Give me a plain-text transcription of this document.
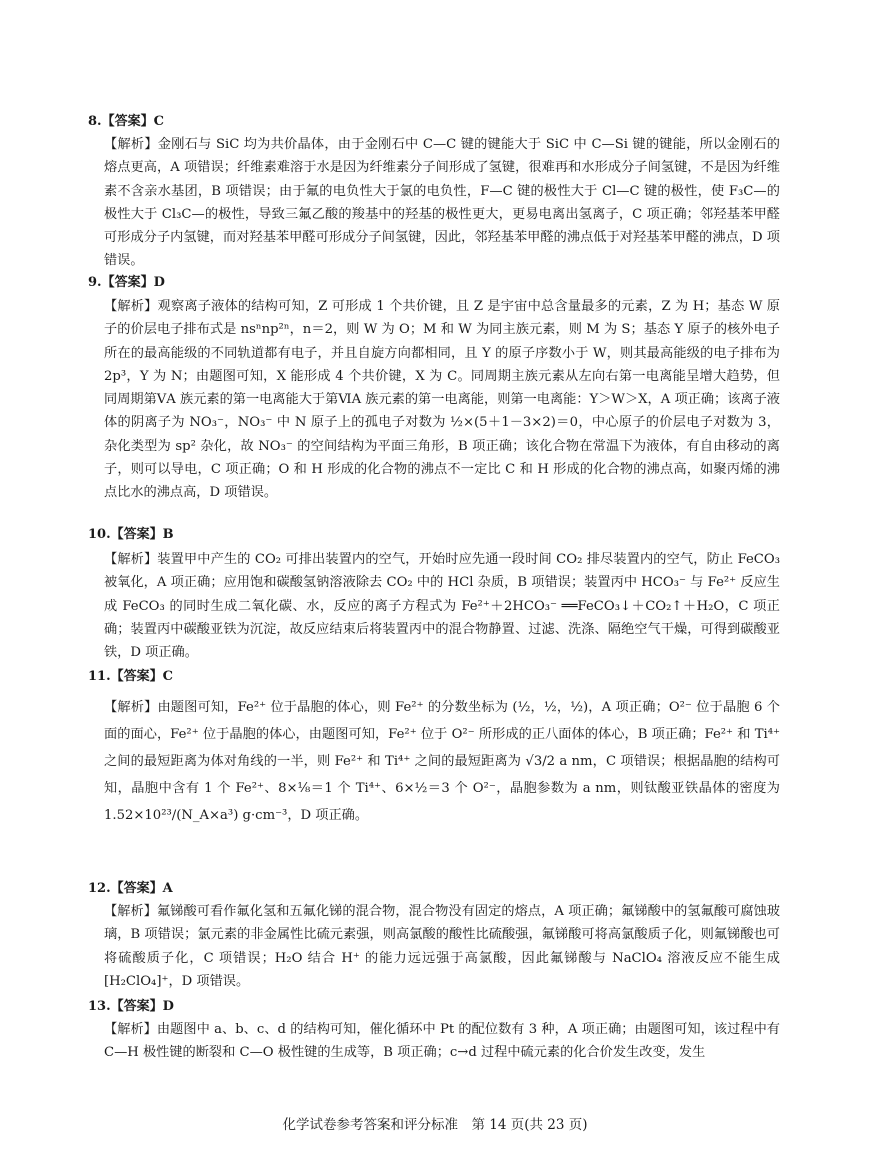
8.【答案】C
【解析】金刚石与 SiC 均为共价晶体，由于金刚石中 C—C 键的键能大于 SiC 中 C—Si 键的键能，所以金刚石的熔点更高，A 项错误；纤维素难溶于水是因为纤维素分子间形成了氢键，很难再和水形成分子间氢键，不是因为纤维素不含亲水基团，B 项错误；由于氟的电负性大于氯的电负性，F—C 键的极性大于 Cl—C 键的极性，使 F₃C—的极性大于 Cl₃C—的极性，导致三氟乙酸的羧基中的羟基的极性更大，更易电离出氢离子，C 项正确；邻羟基苯甲醛可形成分子内氢键，而对羟基苯甲醛可形成分子间氢键，因此，邻羟基苯甲醛的沸点低于对羟基苯甲醛的沸点，D 项错误。
9.【答案】D
【解析】观察离子液体的结构可知，Z 可形成 1 个共价键，且 Z 是宇宙中总含量最多的元素，Z 为 H；基态 W 原子的价层电子排布式是 nsⁿnp²ⁿ，n＝2，则 W 为 O；M 和 W 为同主族元素，则 M 为 S；基态 Y 原子的核外电子所在的最高能级的不同轨道都有电子，并且自旋方向都相同，且 Y 的原子序数小于 W，则其最高能级的电子排布为 2p³，Y 为 N；由题图可知，X 能形成 4 个共价键，X 为 C。同周期主族元素从左向右第一电离能呈增大趋势，但同周期第ⅤA 族元素的第一电离能大于第ⅥA 族元素的第一电离能，则第一电离能：Y＞W＞X，A 项正确；该离子液体的阴离子为 NO₃⁻，NO₃⁻ 中 N 原子上的孤电子对数为 ½×(5＋1－3×2)＝0，中心原子的价层电子对数为 3，杂化类型为 sp² 杂化，故 NO₃⁻ 的空间结构为平面三角形，B 项正确；该化合物在常温下为液体，有自由移动的离子，则可以导电，C 项正确；O 和 H 形成的化合物的沸点不一定比 C 和 H 形成的化合物的沸点高，如聚丙烯的沸点比水的沸点高，D 项错误。
10.【答案】B
【解析】装置甲中产生的 CO₂ 可排出装置内的空气，开始时应先通一段时间 CO₂ 排尽装置内的空气，防止 FeCO₃ 被氧化，A 项正确；应用饱和碳酸氢钠溶液除去 CO₂ 中的 HCl 杂质，B 项错误；装置丙中 HCO₃⁻ 与 Fe²⁺ 反应生成 FeCO₃ 的同时生成二氧化碳、水，反应的离子方程式为 Fe²⁺＋2HCO₃⁻ ══FeCO₃↓＋CO₂↑＋H₂O，C 项正确；装置丙中碳酸亚铁为沉淀，故反应结束后将装置丙中的混合物静置、过滤、洗涤、隔绝空气干燥，可得到碳酸亚铁，D 项正确。
11.【答案】C
【解析】由题图可知，Fe²⁺ 位于晶胞的体心，则 Fe²⁺ 的分数坐标为 (½，½，½)，A 项正确；O²⁻ 位于晶胞 6 个面的面心，Fe²⁺ 位于晶胞的体心，由题图可知，Fe²⁺ 位于 O²⁻ 所形成的正八面体的体心，B 项正确；Fe²⁺ 和 Ti⁴⁺ 之间的最短距离为体对角线的一半，则 Fe²⁺ 和 Ti⁴⁺ 之间的最短距离为 √3/2 a nm，C 项错误；根据晶胞的结构可知，晶胞中含有 1 个 Fe²⁺、8×⅛＝1 个 Ti⁴⁺、6×½＝3 个 O²⁻，晶胞参数为 a nm，则钛酸亚铁晶体的密度为 1.52×10²³/(N_A×a³) g·cm⁻³，D 项正确。
12.【答案】A
【解析】氟锑酸可看作氟化氢和五氟化锑的混合物，混合物没有固定的熔点，A 项正确；氟锑酸中的氢氟酸可腐蚀玻璃，B 项错误；氯元素的非金属性比硫元素强，则高氯酸的酸性比硫酸强，氟锑酸可将高氯酸质子化，则氟锑酸也可将硫酸质子化，C 项错误；H₂O 结合 H⁺ 的能力远远强于高氯酸，因此氟锑酸与 NaClO₄ 溶液反应不能生成[H₂ClO₄]⁺，D 项错误。
13.【答案】D
【解析】由题图中 a、b、c、d 的结构可知，催化循环中 Pt 的配位数有 3 种，A 项正确；由题图可知，该过程中有 C—H 极性键的断裂和 C—O 极性键的生成等，B 项正确；c→d 过程中硫元素的化合价发生改变，发生
化学试卷参考答案和评分标准　第 14 页(共 23 页)
